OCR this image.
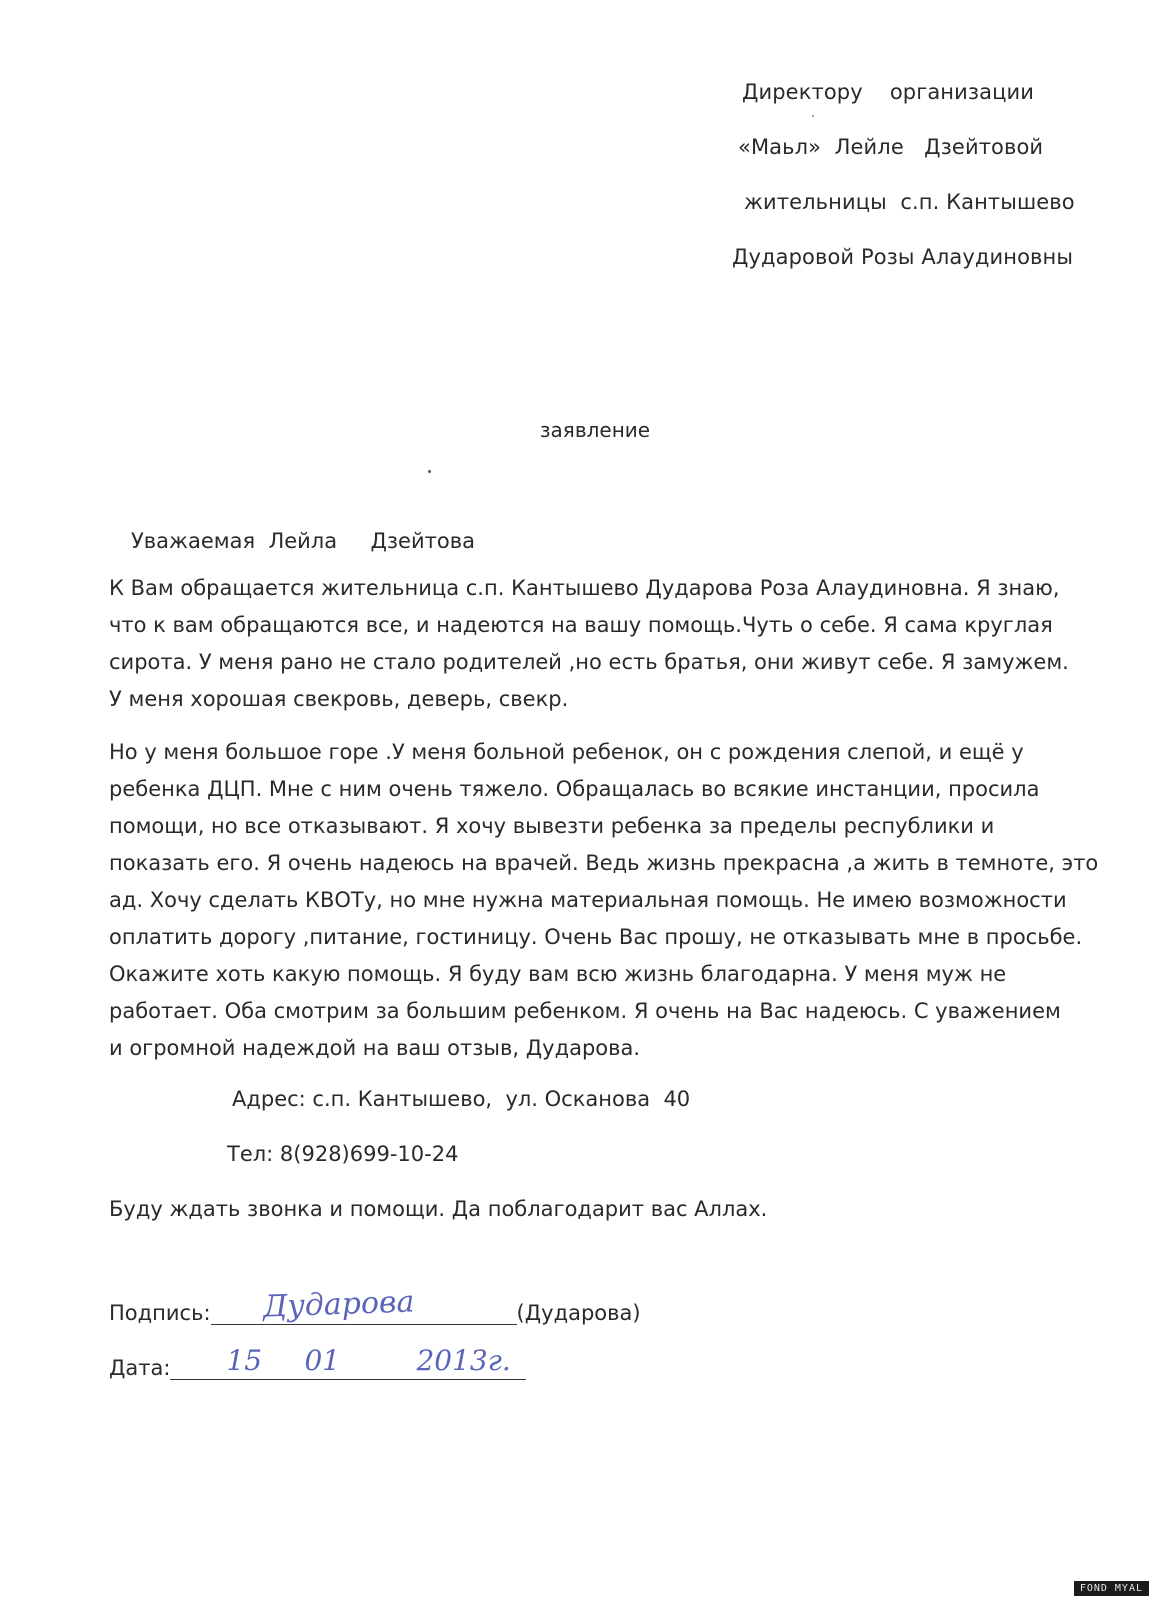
Директору    организации
«Маьл»  Лейле   Дзейтовой
жительницы  с.п. Кантышево
Дударовой Розы Алаудиновны
заявление
Уважаемая  Лейла     Дзейтова

К Вам обращается жительница с.п. Кантышево Дударова Роза Алаудиновна. Я знаю,

что к вам обращаются все, и надеются на вашу помощь.Чуть о себе. Я сама круглая

сирота. У меня рано не стало родителей ,но есть братья, они живут себе. Я замужем.

У меня хорошая свекровь, деверь, свекр.

Но у меня большое горе .У меня больной ребенок, он с рождения слепой, и ещё у

ребенка ДЦП. Мне с ним очень тяжело. Обращалась во всякие инстанции, просила

помощи, но все отказывают. Я хочу вывезти ребенка за пределы республики и

показать его. Я очень надеюсь на врачей. Ведь жизнь прекрасна ,а жить в темноте, это

ад. Хочу сделать КВОТу, но мне нужна материальная помощь. Не имею возможности

оплатить дорогу ,питание, гостиницу. Очень Вас прошу, не отказывать мне в просьбе.

Окажите хоть какую помощь. Я буду вам всю жизнь благодарна. У меня муж не

работает. Оба смотрим за большим ребенком. Я очень на Вас надеюсь. С уважением

и огромной надеждой на ваш отзыв, Дударова.

Адрес: с.п. Кантышево,  ул. Осканова  40
Тел: 8(928)699-10-24
Буду ждать звонка и помощи. Да поблагодарит вас Аллах.
Подпись:

Дударова

	(Дударова)
Дата:

15

01

	2013г.

FOND MYAL
